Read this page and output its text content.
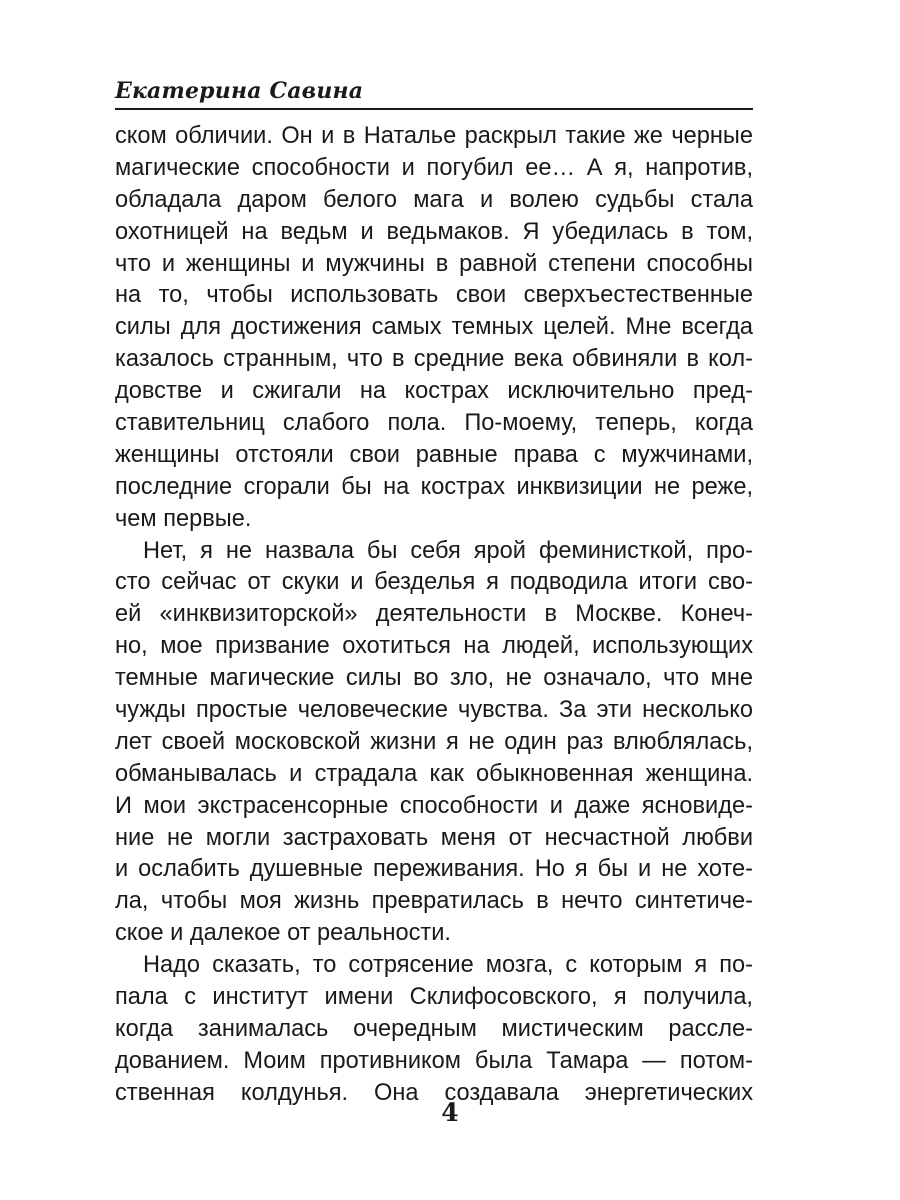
Екатерина Савина
ском обличии. Он и в Наталье раскрыл такие же черные
магические способности и погубил ее… А я, напротив,
обладала даром белого мага и волею судьбы стала
охотницей на ведьм и ведьмаков. Я убедилась в том,
что и женщины и мужчины в равной степени способны
на то, чтобы использовать свои сверхъестественные
силы для достижения самых темных целей. Мне всегда
казалось странным, что в средние века обвиняли в кол-
довстве и сжигали на кострах исключительно пред-
ставительниц слабого пола. По-моему, теперь, когда
женщины отстояли свои равные права с мужчинами,
последние сгорали бы на кострах инквизиции не реже,
чем первые.
Нет, я не назвала бы себя ярой феминисткой, про-
сто сейчас от скуки и безделья я подводила итоги сво-
ей «инквизиторской» деятельности в Москве. Конеч-
но, мое призвание охотиться на людей, использующих
темные магические силы во зло, не означало, что мне
чужды простые человеческие чувства. За эти несколько
лет своей московской жизни я не один раз влюблялась,
обманывалась и страдала как обыкновенная женщина.
И мои экстрасенсорные способности и даже ясновиде-
ние не могли застраховать меня от несчастной любви
и ослабить душевные переживания. Но я бы и не хоте-
ла, чтобы моя жизнь превратилась в нечто синтетиче-
ское и далекое от реальности.
Надо сказать, то сотрясение мозга, с которым я по-
пала с институт имени Склифосовского, я получила,
когда занималась очередным мистическим рассле-
дованием. Моим противником была Тамара — потом-
ственная колдунья. Она создавала энергетических
4
